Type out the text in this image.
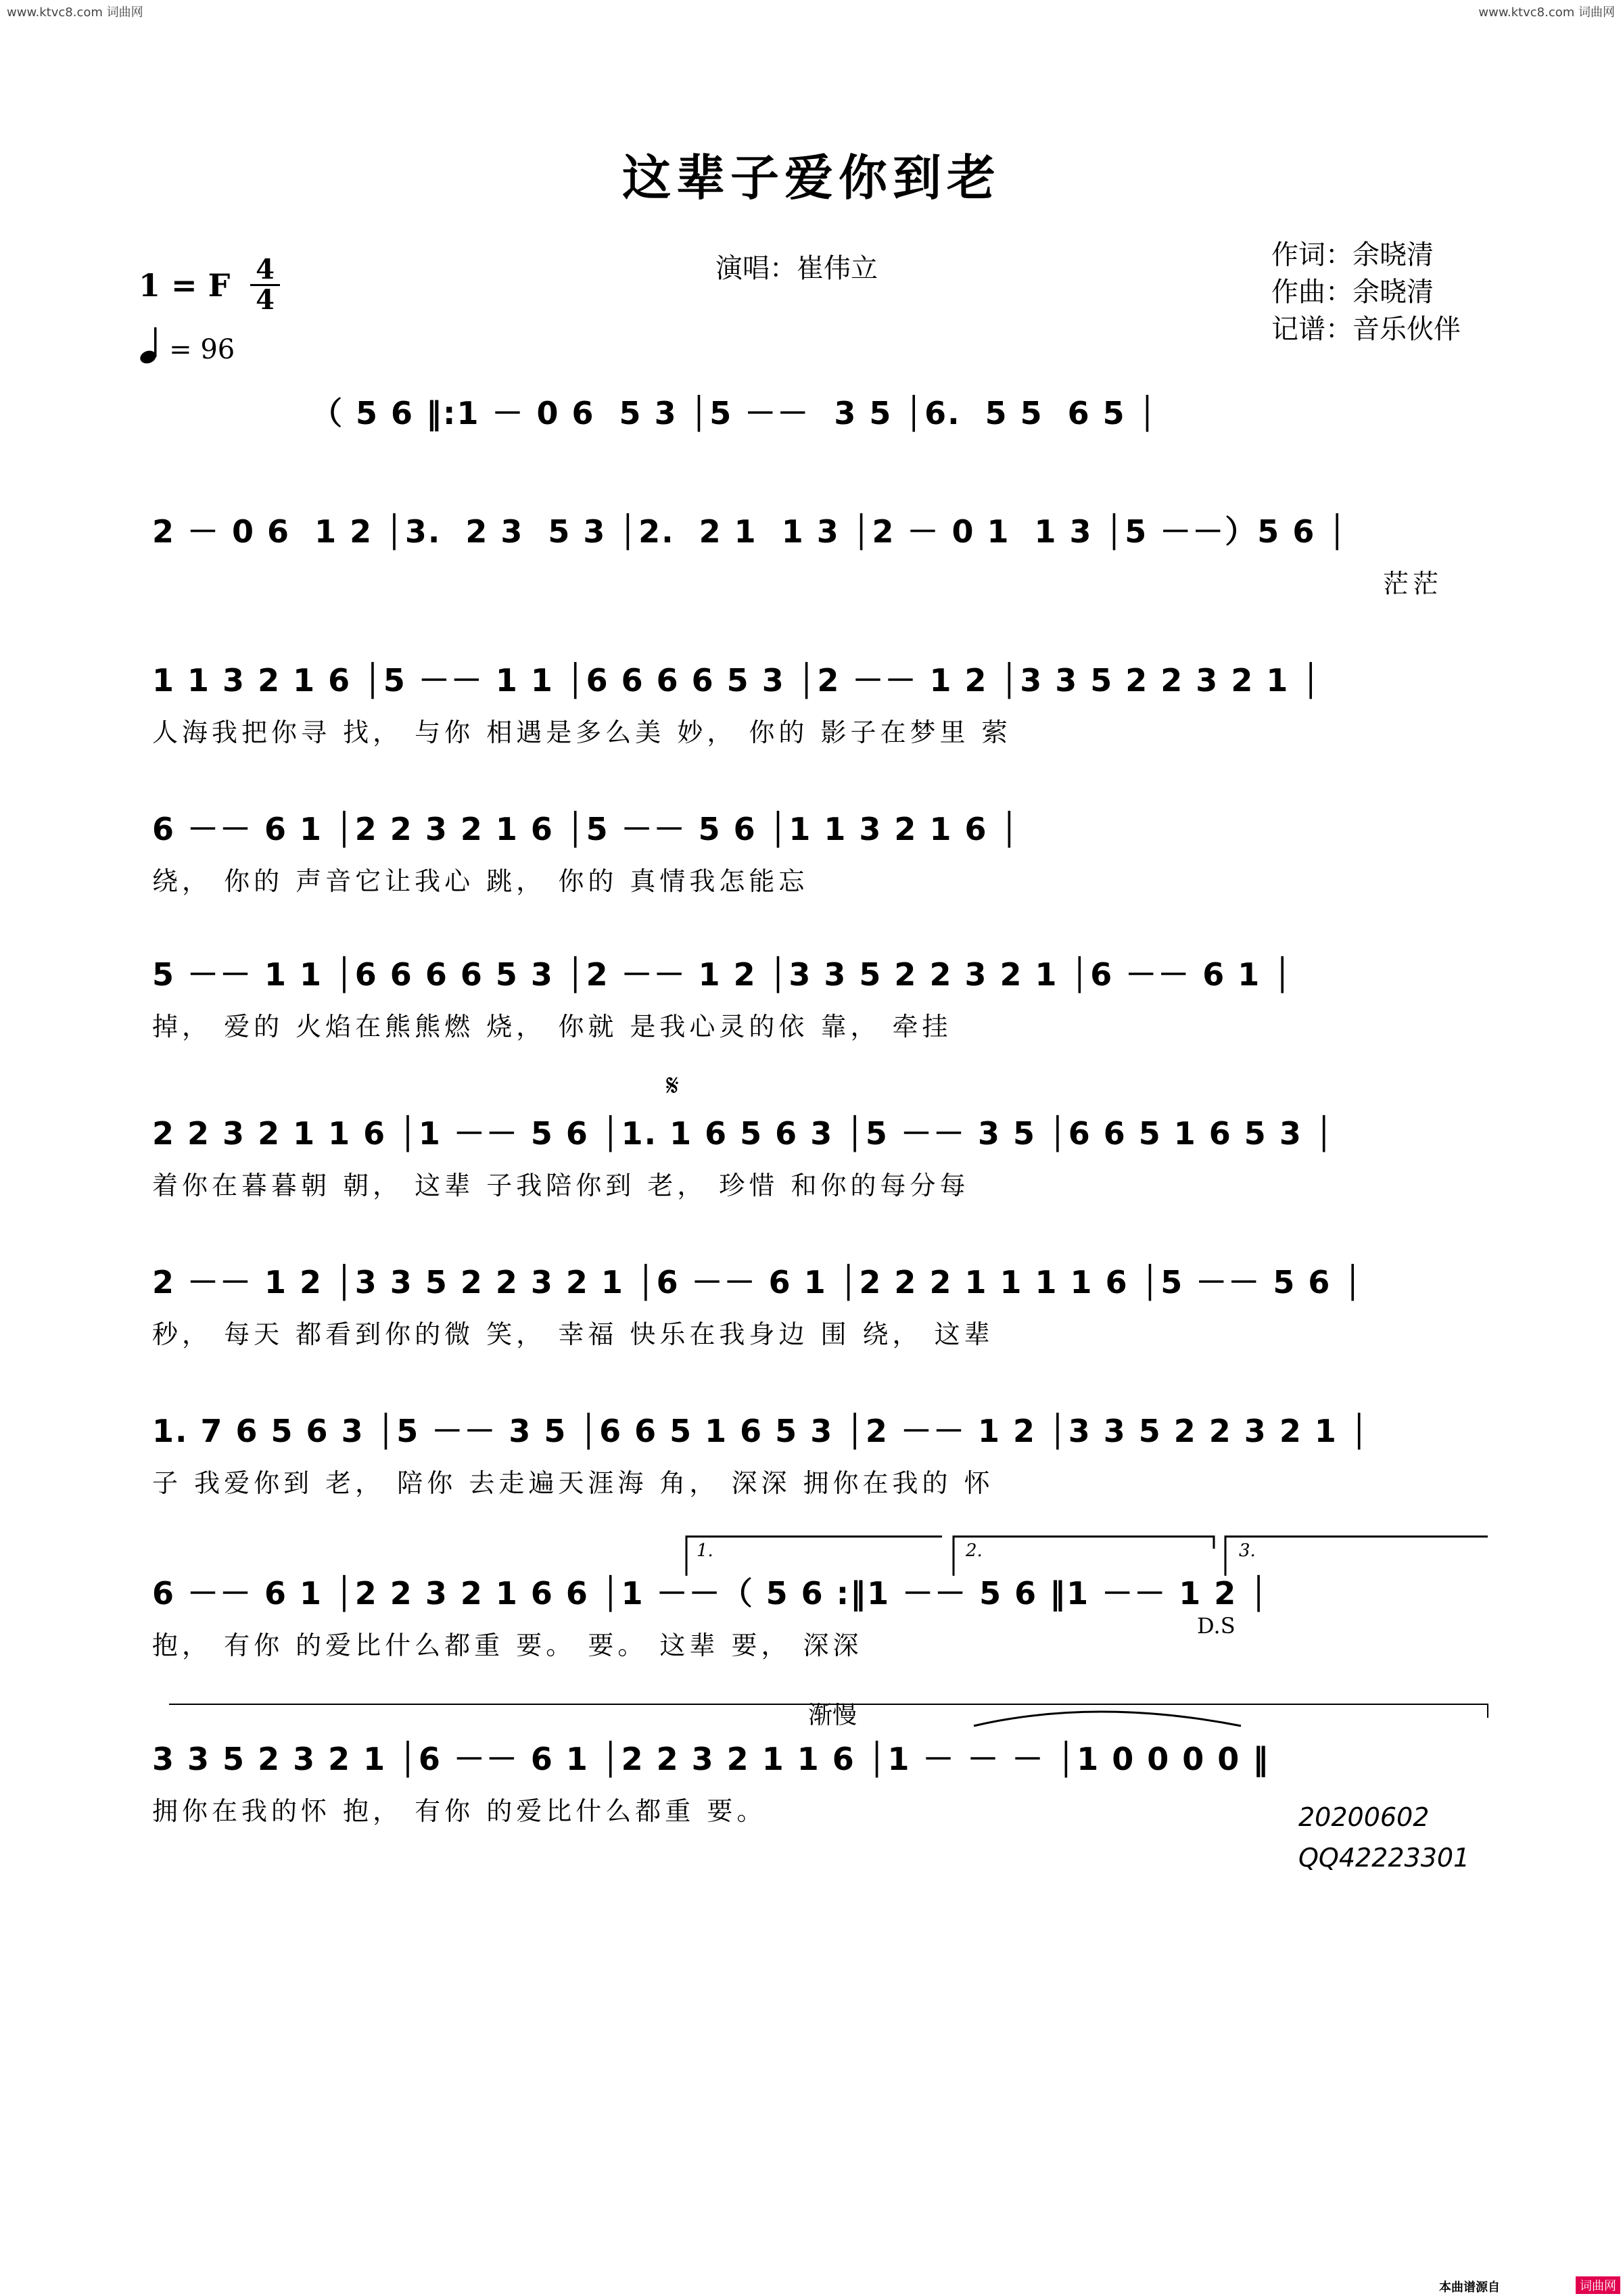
www.ktvc8.com 词曲网	www.ktvc8.com 词曲网
这辈子爱你到老
1 = F $\frac{4}{4}$
= 96
演唱：崔伟立	作词：余晓清
作曲：余晓清
记谱：音乐伙伴
（ 5 6 ‖:1 － 0 6  5 3 │5 －－  3 5 │6.  5 5  6 5 │
2 － 0 6  1 2 │3.  2 3  5 3 │2.  2 1  1 3 │2 － 0 1  1 3 │5 －－）5 6 │
茫茫
1 1 3 2 1 6 │5 －－ 1 1 │6 6 6 6 5 3 │2 －－ 1 2 │3 3 5 2 2 3 2 1 │
人海我把你寻 找， 与你 相遇是多么美 妙， 你的 影子在梦里 萦
6 －－ 6 1 │2 2 3 2 1 6 │5 －－ 5 6 │1 1 3 2 1 6 │
绕， 你的 声音它让我心 跳， 你的 真情我怎能忘
5 －－ 1 1 │6 6 6 6 5 3 │2 －－ 1 2 │3 3 5 2 2 3 2 1 │6 －－ 6 1 │
掉， 爱的 火焰在熊熊燃 烧， 你就 是我心灵的依 靠， 牵挂
2 2 3 2 1 1 6 │1 －－ 5 6 │1. 1 6 5 6 3 │5 －－ 3 5 │6 6 5 1 6 5 3 │
着你在暮暮朝 朝， 这辈 子我陪你到 老， 珍惜 和你的每分每
2 －－ 1 2 │3 3 5 2 2 3 2 1 │6 －－ 6 1 │2 2 2 1 1 1 1 6 │5 －－ 5 6 │
秒， 每天 都看到你的微 笑， 幸福 快乐在我身边 围 绕， 这辈
1. 7 6 5 6 3 │5 －－ 3 5 │6 6 5 1 6 5 3 │2 －－ 1 2 │3 3 5 2 2 3 2 1 │
子 我爱你到 老， 陪你 去走遍天涯海 角， 深深 拥你在我的 怀
6 －－ 6 1 │2 2 3 2 1 6 6 │1 －－（ 5 6 :‖1 －－ 5 6 ‖1 －－ 1 2 │
抱， 有你 的爱比什么都重 要。 要。 这辈 要， 深深
3 3 5 2 3 2 1 │6 －－ 6 1 │2 2 3 2 1 1 6 │1 － － － │1 0 0 0 0 ‖
拥你在我的怀 抱， 有你 的爱比什么都重 要。
1.	2.	3.
𝄋
D.S
渐慢
20200602
QQ42223301
本曲谱源自	词曲网
